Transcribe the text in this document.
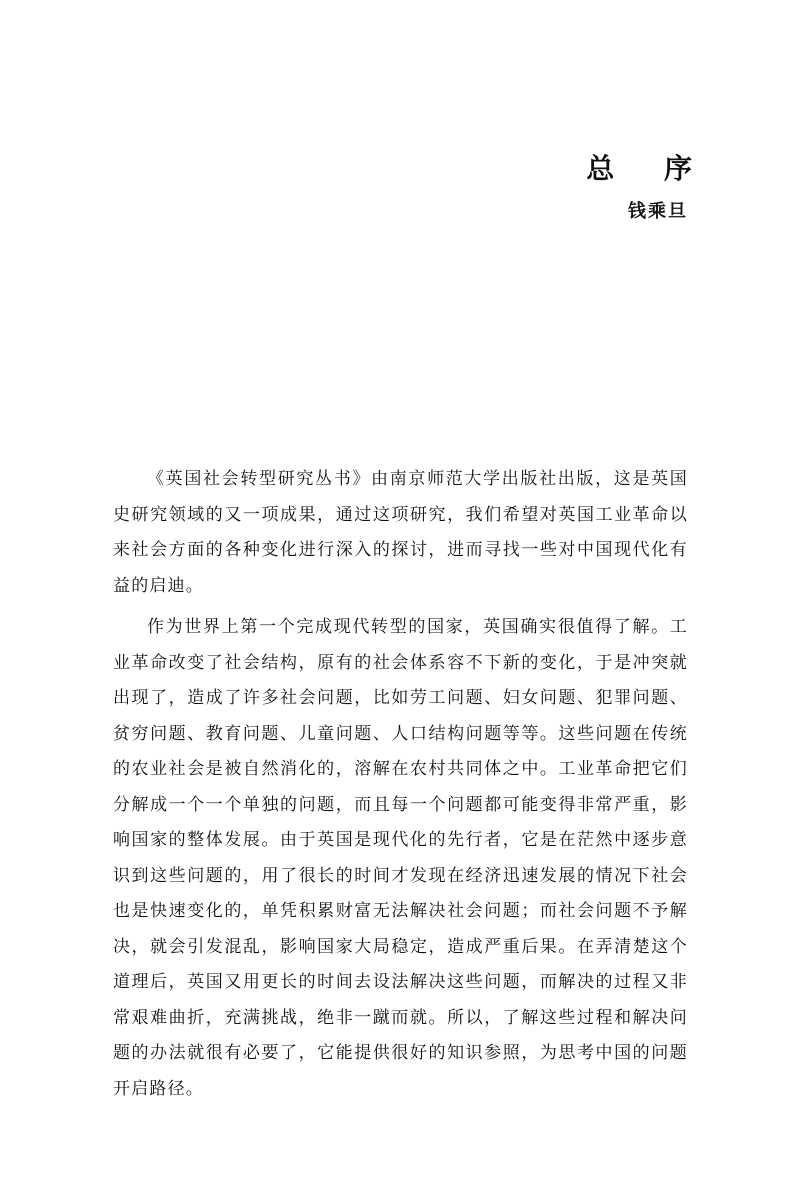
总 序
钱乘旦

《英国社会转型研究丛书》由南京师范大学出版社出版，这是英国史研究领域的又一项成果，通过这项研究，我们希望对英国工业革命以来社会方面的各种变化进行深入的探讨，进而寻找一些对中国现代化有益的启迪。

作为世界上第一个完成现代转型的国家，英国确实很值得了解。工业革命改变了社会结构，原有的社会体系容不下新的变化，于是冲突就出现了，造成了许多社会问题，比如劳工问题、妇女问题、犯罪问题、贫穷问题、教育问题、儿童问题、人口结构问题等等。这些问题在传统的农业社会是被自然消化的，溶解在农村共同体之中。工业革命把它们分解成一个一个单独的问题，而且每一个问题都可能变得非常严重，影响国家的整体发展。由于英国是现代化的先行者，它是在茫然中逐步意识到这些问题的，用了很长的时间才发现在经济迅速发展的情况下社会也是快速变化的，单凭积累财富无法解决社会问题；而社会问题不予解决，就会引发混乱，影响国家大局稳定，造成严重后果。在弄清楚这个道理后，英国又用更长的时间去设法解决这些问题，而解决的过程又非常艰难曲折，充满挑战，绝非一蹴而就。所以，了解这些过程和解决问题的办法就很有必要了，它能提供很好的知识参照，为思考中国的问题开启路径。
